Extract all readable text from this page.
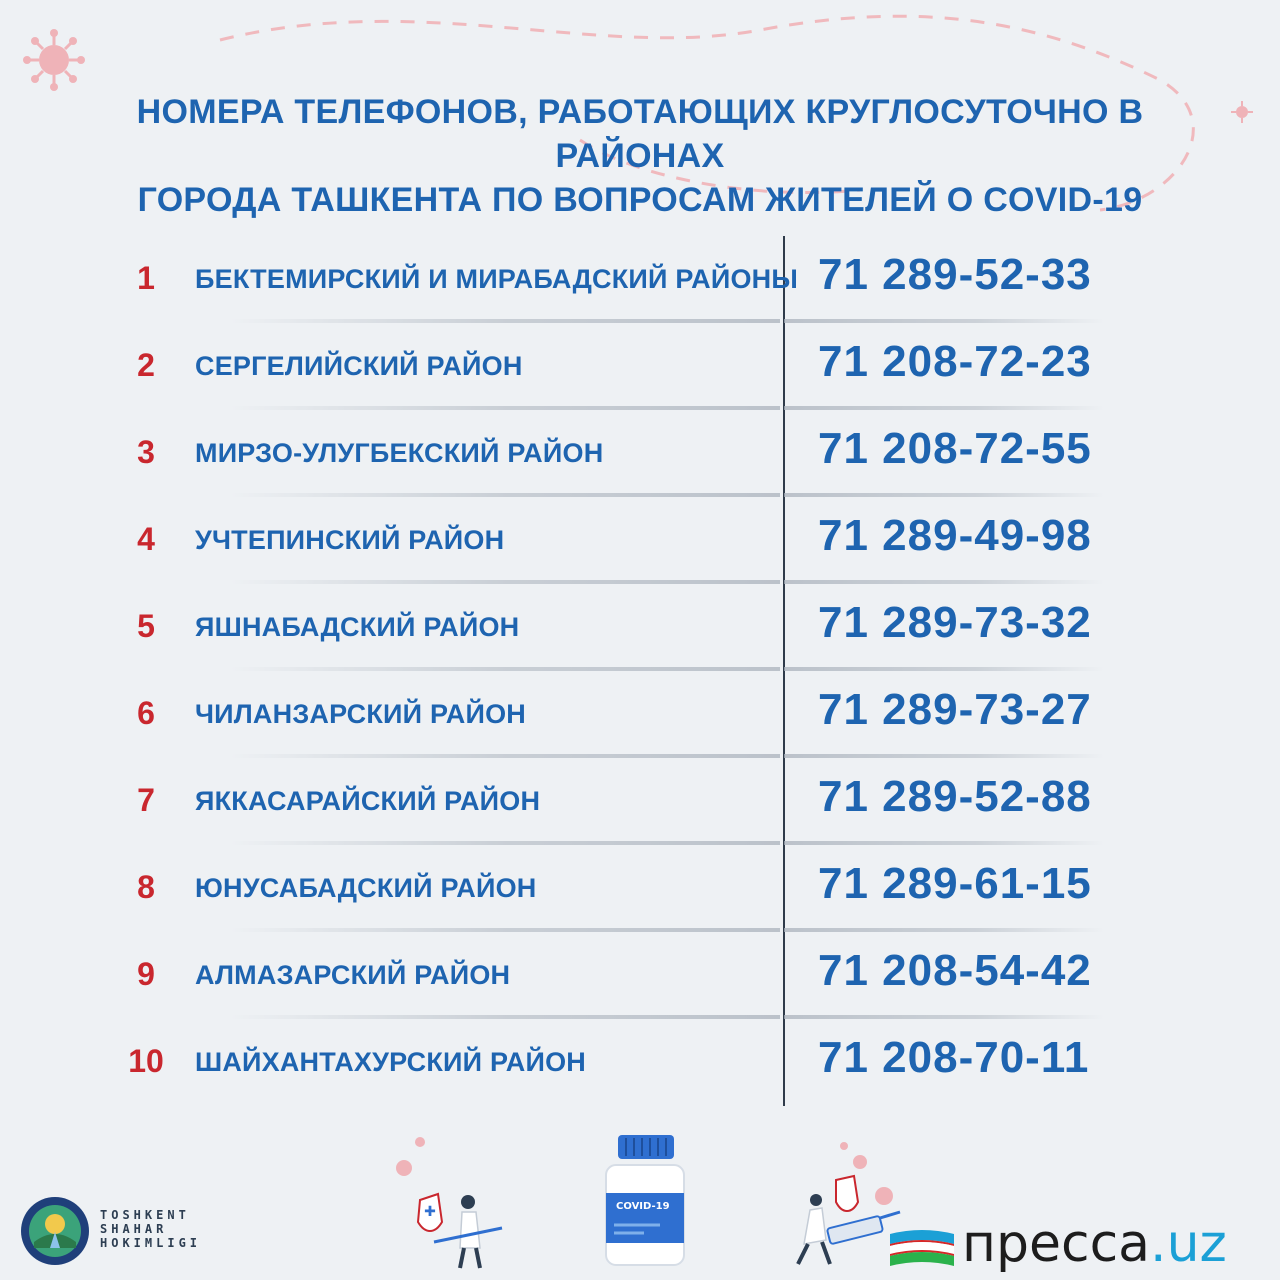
НОМЕРА ТЕЛЕФОНОВ, РАБОТАЮЩИХ КРУГЛОСУТОЧНО В РАЙОНАХ
ГОРОДА ТАШКЕНТА ПО ВОПРОСАМ ЖИТЕЛЕЙ О COVID-19
1	БЕКТЕМИРСКИЙ И МИРАБАДСКИЙ РАЙОНЫ 71 289-52-33
2	СЕРГЕЛИЙСКИЙ РАЙОН	71 208-72-23
3	МИРЗО-УЛУГБЕКСКИЙ РАЙОН	71 208-72-55
4	УЧТЕПИНСКИЙ РАЙОН	71 289-49-98
5	ЯШНАБАДСКИЙ РАЙОН	71 289-73-32
6	ЧИЛАНЗАРСКИЙ РАЙОН	71 289-73-27
7	ЯККАСАРАЙСКИЙ РАЙОН	71 289-52-88
8	ЮНУСАБАДСКИЙ РАЙОН	71 289-61-15
9	АЛМАЗАРСКИЙ РАЙОН	71 208-54-42
10	ШАЙХАНТАХУРСКИЙ РАЙОН	71 208-70-11
✚	COVID-19
TOSHKENT
SHAHAR
HOKIMLIGI	пресса.uz
